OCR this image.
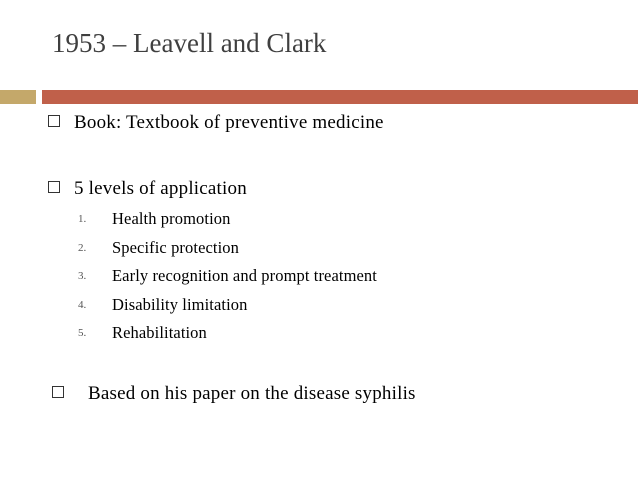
1953 – Leavell and Clark
Book: Textbook of preventive medicine
5 levels of application
1. Health promotion
2. Specific protection
3. Early recognition and prompt treatment
4. Disability limitation
5. Rehabilitation
Based on his paper on the disease syphilis
